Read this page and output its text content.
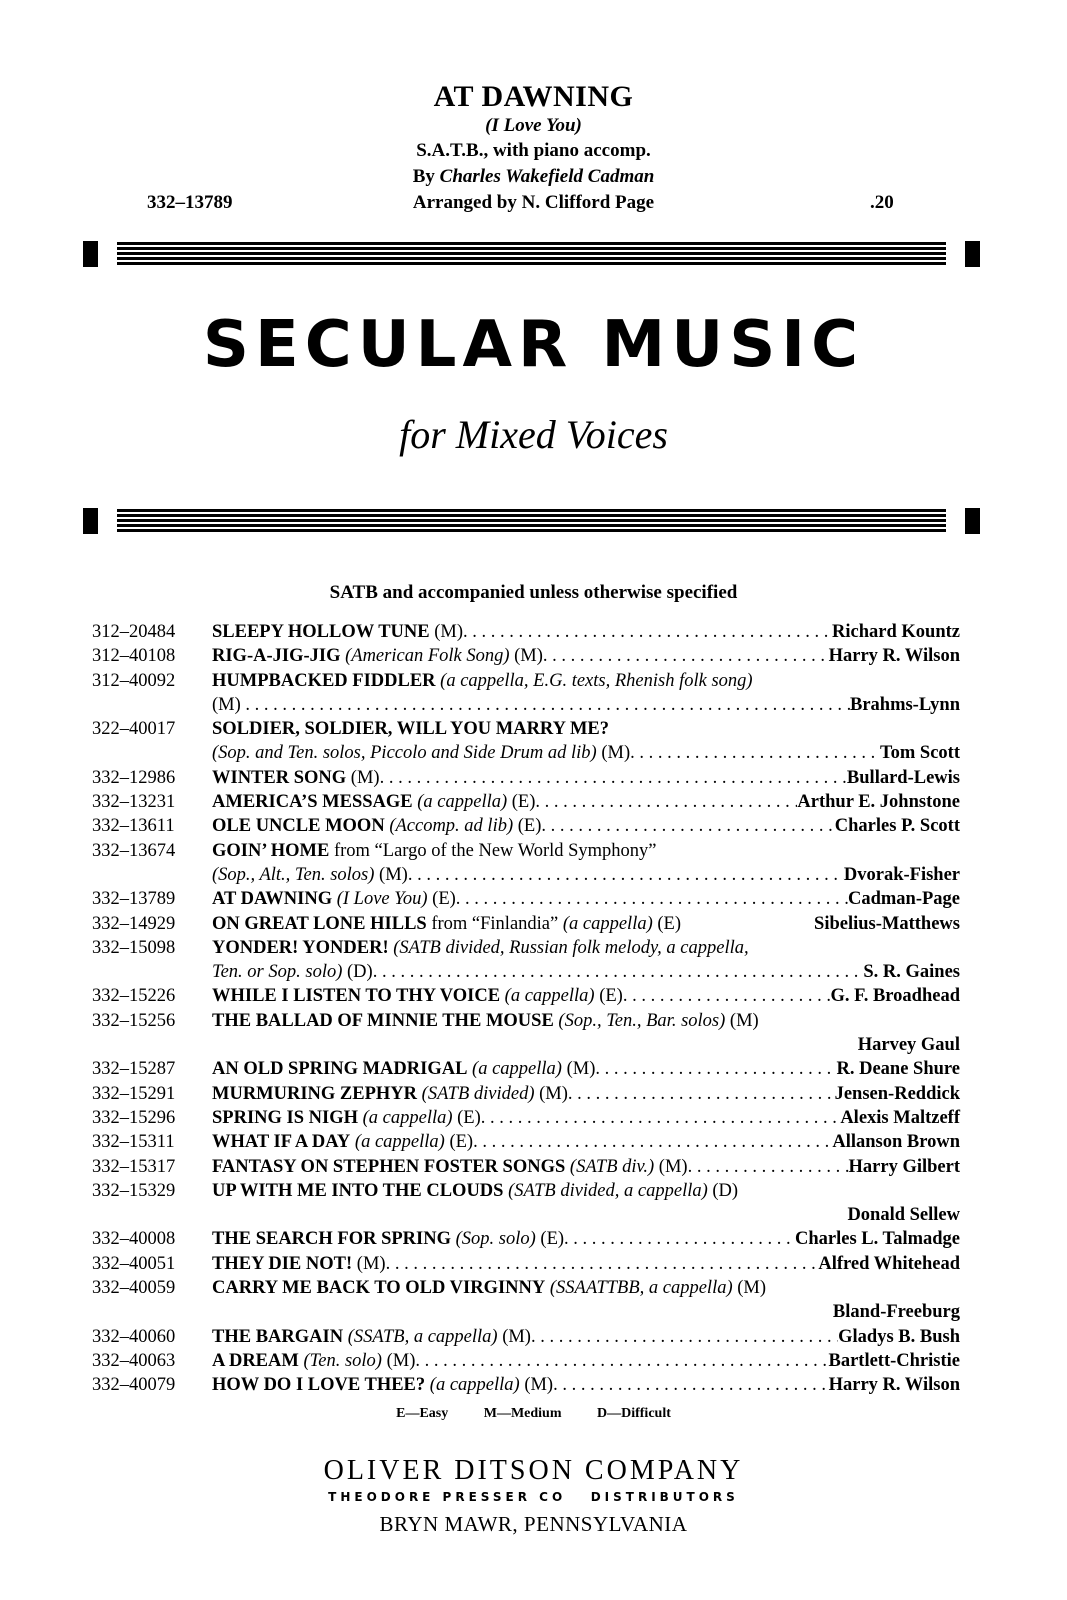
AT DAWNING
(I Love You)
S.A.T.B., with piano accomp.
By Charles Wakefield Cadman
332–13789	Arranged by N. Clifford Page	.20
SECULAR MUSIC
for Mixed Voices
SATB and accompanied unless otherwise specified
312–20484	SLEEPY HOLLOW TUNE
(M) . . .	Richard Kountz
312–40108	RIG-A-JIG-JIG
(American Folk Song)
(M) . . .	Harry R. Wilson
312–40092	HUMPBACKED FIDDLER
(a cappella, E.G. texts, Rhenish folk song)
(M)
. . .	Brahms-Lynn
322–40017	SOLDIER, SOLDIER, WILL YOU MARRY ME?
(Sop. and Ten. solos, Piccolo and Side Drum ad lib)
(M) . . .	Tom Scott
332–12986	WINTER SONG
(M) . . .	Bullard-Lewis
332–13231	AMERICA’S MESSAGE
(a cappella)
(E) . . .	Arthur E. Johnstone
332–13611	OLE UNCLE MOON
(Accomp. ad lib)
(E) . . .	Charles P. Scott
332–13674	GOIN’ HOME
from “Largo of the New World Symphony”
(Sop., Alt., Ten. solos)
(M) . . .	Dvorak-Fisher
332–13789	AT DAWNING
(I Love You)
(E) . . .	Cadman-Page
332–14929	ON GREAT LONE HILLS
from “Finlandia”
(a cappella)
(E)	Sibelius-Matthews
332–15098	YONDER! YONDER!
(SATB divided, Russian folk melody, a cappella,
Ten. or Sop. solo)
(D) . . .	S. R. Gaines
332–15226	WHILE I LISTEN TO THY VOICE
(a cappella)
(E) . . .	G. F. Broadhead
332–15256	THE BALLAD OF MINNIE THE MOUSE
(Sop., Ten., Bar. solos)
(M)
Harvey Gaul
332–15287	AN OLD SPRING MADRIGAL
(a cappella)
(M) . . .	R. Deane Shure
332–15291	MURMURING ZEPHYR
(SATB divided)
(M) . . .	Jensen-Reddick
332–15296	SPRING IS NIGH
(a cappella)
(E) . . .	Alexis Maltzeff
332–15311	WHAT IF A DAY
(a cappella)
(E) . . .	Allanson Brown
332–15317	FANTASY ON STEPHEN FOSTER SONGS
(SATB div.)
(M) . . .	Harry Gilbert
332–15329	UP WITH ME INTO THE CLOUDS
(SATB divided, a cappella)
(D)
Donald Sellew
332–40008	THE SEARCH FOR SPRING
(Sop. solo)
(E) . . .	Charles L. Talmadge
332–40051	THEY DIE NOT!
(M) . . .	Alfred Whitehead
332–40059	CARRY ME BACK TO OLD VIRGINNY
(SSAATTBB, a cappella)
(M)
Bland-Freeburg
332–40060	THE BARGAIN
(SSATB, a cappella)
(M) . . .	Gladys B. Bush
332–40063	A DREAM
(Ten. solo)
(M) . . .	Bartlett-Christie
332–40079	HOW DO I LOVE THEE?
(a cappella)
(M) . . .	Harry R. Wilson
E—Easy	M—Medium	D—Difficult
OLIVER DITSON COMPANY
THEODORE PRESSER CO   DISTRIBUTORS
BRYN MAWR, PENNSYLVANIA
